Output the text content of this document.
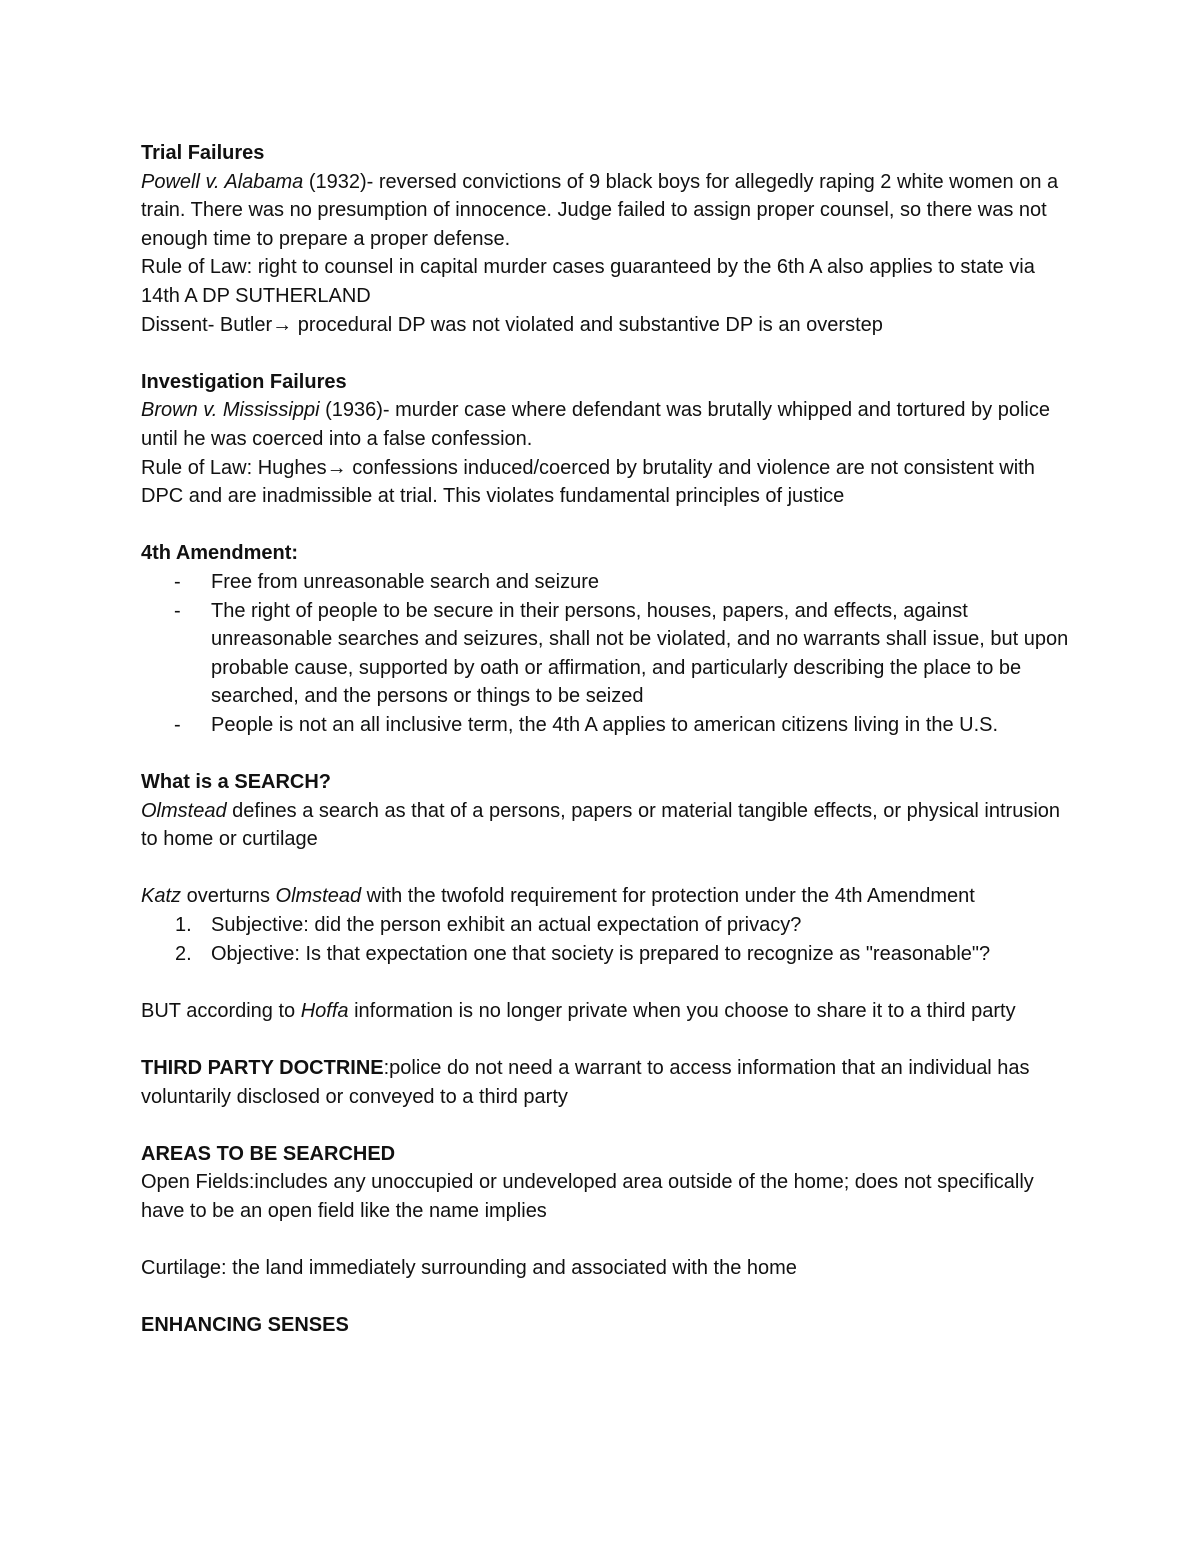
Trial Failures

Powell v. Alabama (1932)- reversed convictions of 9 black boys for allegedly raping 2 white women on a train. There was no presumption of innocence. Judge failed to assign proper counsel, so there was not enough time to prepare a proper defense.

Rule of Law: right to counsel in capital murder cases guaranteed by the 6th A also applies to state via 14th A DP SUTHERLAND

Dissent- Butler→ procedural DP was not violated and substantive DP is an overstep

Investigation Failures

Brown v. Mississippi (1936)- murder case where defendant was brutally whipped and tortured by police until he was coerced into a false confession.

Rule of Law: Hughes→ confessions induced/coerced by brutality and violence are not consistent with DPC and are inadmissible at trial. This violates fundamental principles of justice

4th Amendment:

- Free from unreasonable search and seizure
- The right of people to be secure in their persons, houses, papers, and effects, against unreasonable searches and seizures, shall not be violated, and no warrants shall issue, but upon probable cause, supported by oath or affirmation, and particularly describing the place to be searched, and the persons or things to be seized
- People is not an all inclusive term, the 4th A applies to american citizens living in the U.S.

What is a SEARCH?

Olmstead defines a search as that of a persons, papers or material tangible effects, or physical intrusion to home or curtilage

Katz overturns Olmstead with the twofold requirement for protection under the 4th Amendment

1. Subjective: did the person exhibit an actual expectation of privacy?
2. Objective: Is that expectation one that society is prepared to recognize as "reasonable"?

BUT according to Hoffa information is no longer private when you choose to share it to a third party

THIRD PARTY DOCTRINE:police do not need a warrant to access information that an individual has voluntarily disclosed or conveyed to a third party

AREAS TO BE SEARCHED

Open Fields:includes any unoccupied or undeveloped area outside of the home; does not specifically have to be an open field like the name implies

Curtilage: the land immediately surrounding and associated with the home

ENHANCING SENSES
